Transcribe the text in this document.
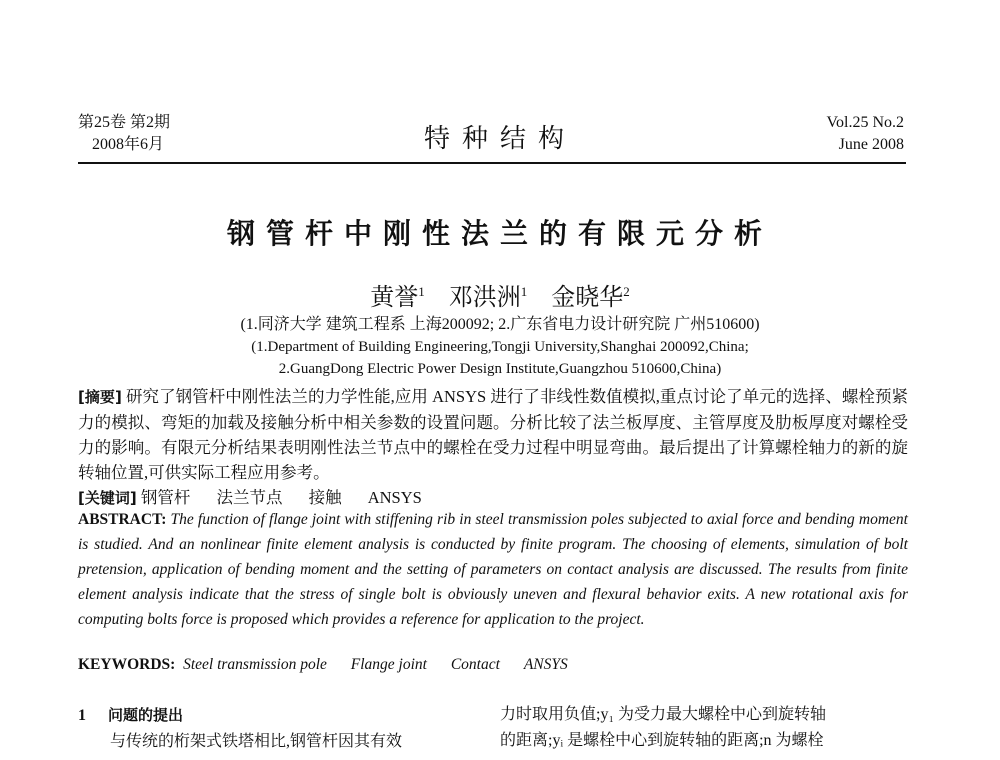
第25卷 第2期
2008年6月	特种结构
Vol.25 No.2
June 2008
钢管杆中刚性法兰的有限元分析
黄誉$^1$ 邓洪洲$^1$ 金晓华$^2$
(1.同济大学 建筑工程系 上海200092; 2.广东省电力设计研究院 广州510600)
(1.Department of Building Engineering,Tongji University,Shanghai 200092,China;
2.GuangDong Electric Power Design Institute,Guangzhou 510600,China)
[摘要] 研究了钢管杆中刚性法兰的力学性能,应用 ANSYS 进行了非线性数值模拟,重点讨论了单元的选择、螺栓预紧力的模拟、弯矩的加载及接触分析中相关参数的设置问题。分析比较了法兰板厚度、主管厚度及肋板厚度对螺栓受力的影响。有限元分析结果表明刚性法兰节点中的螺栓在受力过程中明显弯曲。最后提出了计算螺栓轴力的新的旋转轴位置,可供实际工程应用参考。
[关键词] 钢管杆 法兰节点 接触 ANSYS
ABSTRACT: The function of flange joint with stiffening rib in steel transmission poles subjected to axial force and bending moment is studied. And an nonlinear finite element analysis is conducted by finite program. The choosing of elements, simulation of bolt pretension, application of bending moment and the setting of parameters on contact analysis are discussed. The results from finite element analysis indicate that the stress of single bolt is obviously uneven and flexural behavior exits. A new rotational axis for computing bolts force is proposed which provides a reference for application to the project.
KEYWORDS: Steel transmission pole Flange joint Contact ANSYS
1 问题的提出
与传统的桁架式铁塔相比,钢管杆因其有效
力时取用负值;y₁ 为受力最大螺栓中心到旋转轴
的距离;yᵢ 是螺栓中心到旋转轴的距离;n 为螺栓
